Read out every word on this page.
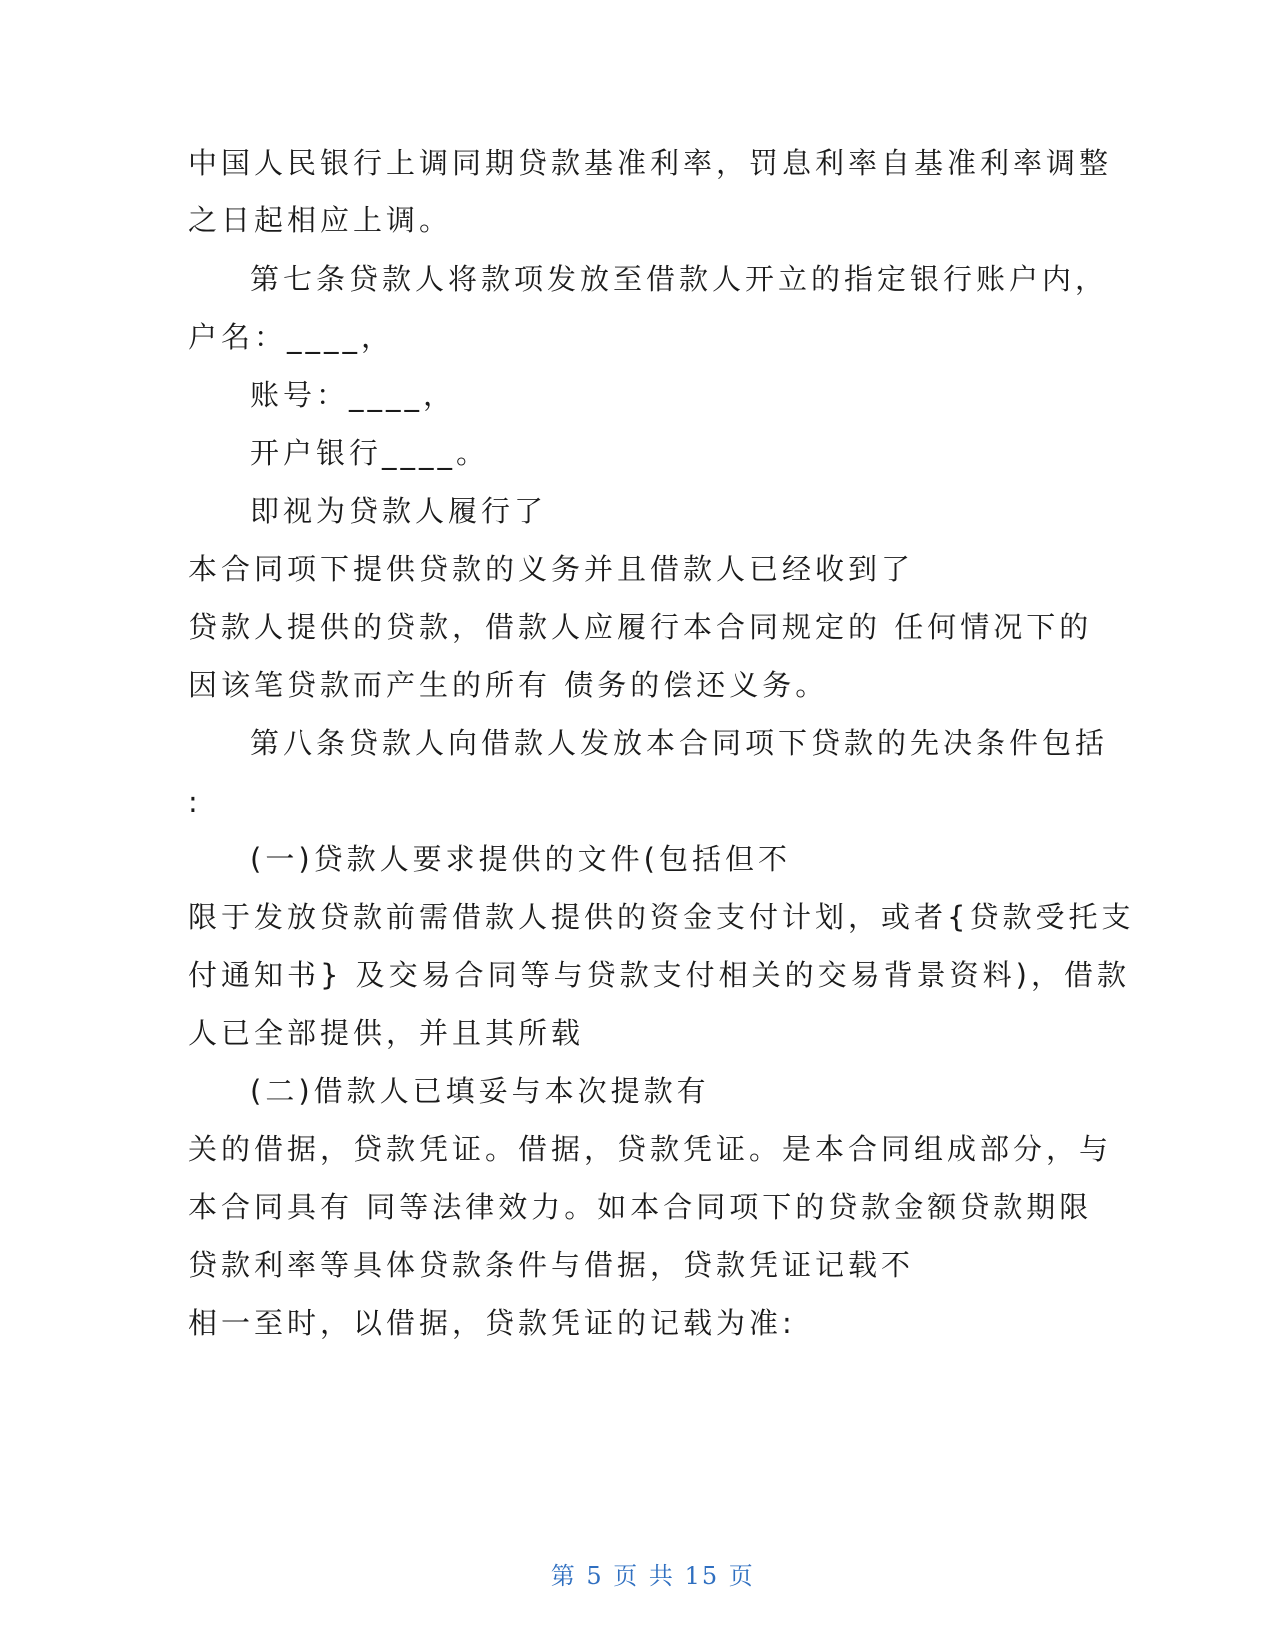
中国人民银行上调同期贷款基准利率，罚息利率自基准利率调整
之日起相应上调。
第七条贷款人将款项发放至借款人开立的指定银行账户内，
户名：____，
账号：____，
开户银行____。
即视为贷款人履行了
本合同项下提供贷款的义务并且借款人已经收到了
贷款人提供的贷款，借款人应履行本合同规定的 任何情况下的
因该笔贷款而产生的所有 债务的偿还义务。
第八条贷款人向借款人发放本合同项下贷款的先决条件包括
:
(一)贷款人要求提供的文件(包括但不
限于发放贷款前需借款人提供的资金支付计划，或者{贷款受托支
付通知书} 及交易合同等与贷款支付相关的交易背景资料)，借款
人已全部提供，并且其所载
(二)借款人已填妥与本次提款有
关的借据，贷款凭证。借据，贷款凭证。是本合同组成部分，与
本合同具有 同等法律效力。如本合同项下的贷款金额贷款期限
贷款利率等具体贷款条件与借据，贷款凭证记载不
相一至时，以借据，贷款凭证的记载为准:

第 5 页 共 15 页
